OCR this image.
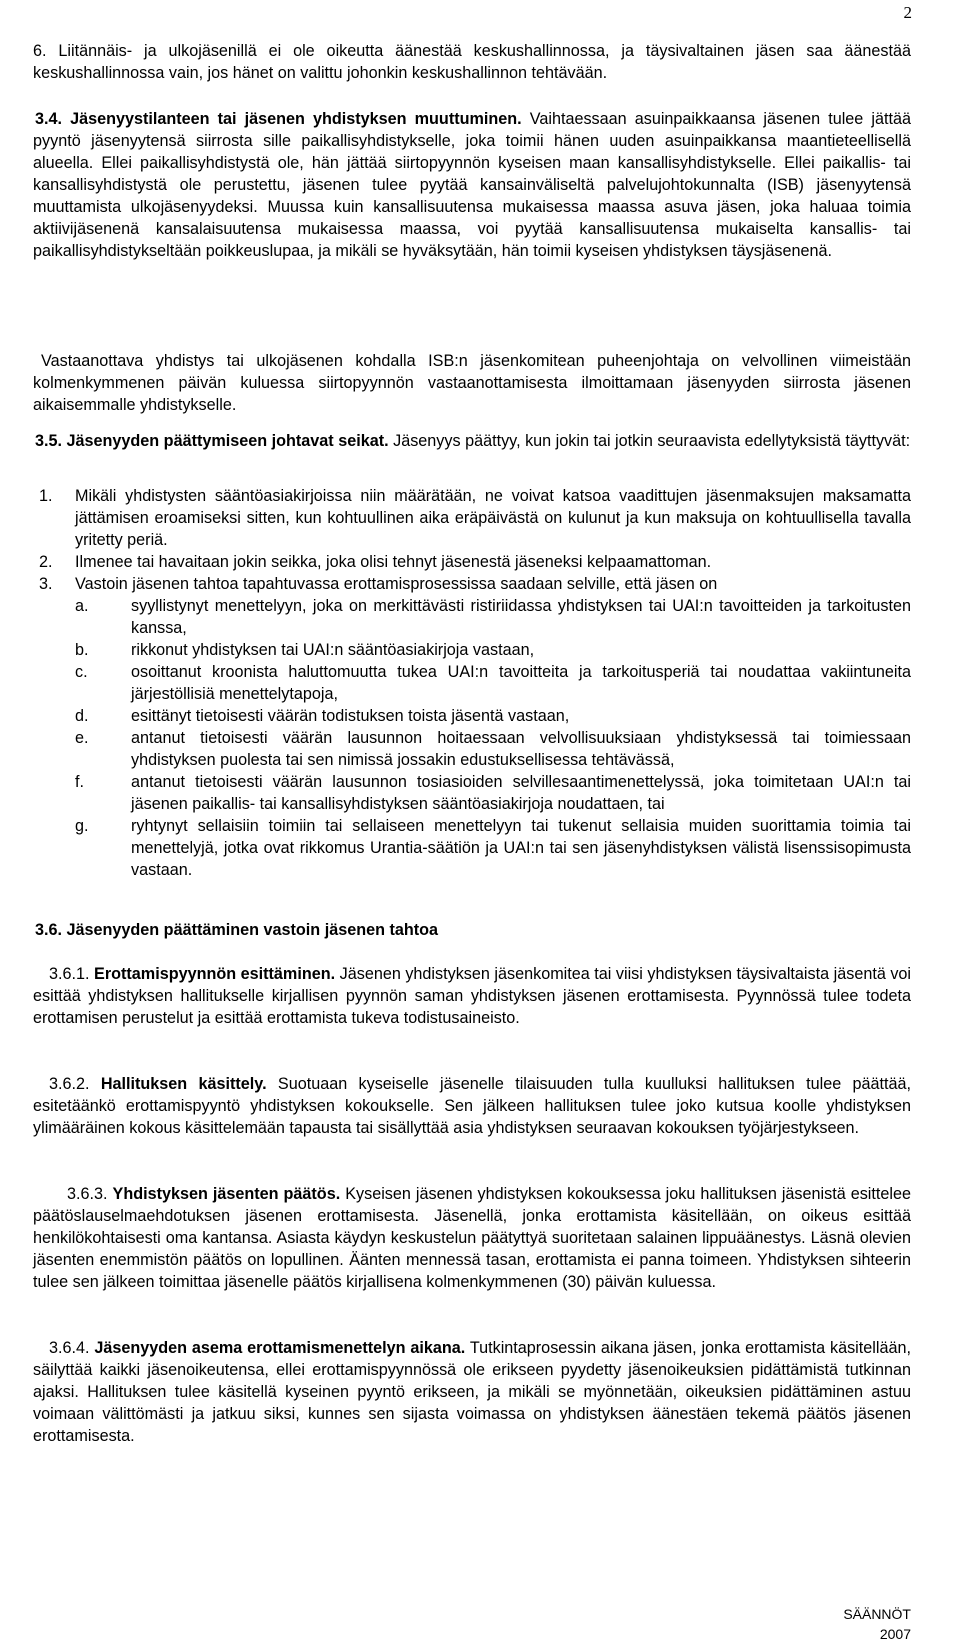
2
6. Liitännäis- ja ulkojäsenillä ei ole oikeutta äänestää keskushallinnossa, ja täysivaltainen jäsen saa äänestää keskushallinnossa vain, jos hänet on valittu johonkin keskushallinnon tehtävään.
3.4. Jäsenyystilanteen tai jäsenen yhdistyksen muuttuminen. Vaihtaessaan asuinpaikkaansa jäsenen tulee jättää pyyntö jäsenyytensä siirrosta sille paikallisyhdistykselle, joka toimii hänen uuden asuinpaikkansa maantieteellisellä alueella. Ellei paikallisyhdistystä ole, hän jättää siirtopyynnön kyseisen maan kansallisyhdistykselle. Ellei paikallis- tai kansallisyhdistystä ole perustettu, jäsenen tulee pyytää kansainväliseltä palvelujohtokunnalta (ISB) jäsenyytensä muuttamista ulkojäsenyydeksi. Muussa kuin kansallisuutensa mukaisessa maassa asuva jäsen, joka haluaa toimia aktiivijäsenenä kansalaisuutensa mukaisessa maassa, voi pyytää kansallisuutensa mukaiselta kansallis- tai paikallisyhdistykseltään poikkeuslupaa, ja mikäli se hyväksytään, hän toimii kyseisen yhdistyksen täysjäsenenä.
Vastaanottava yhdistys tai ulkojäsenen kohdalla ISB:n jäsenkomitean puheenjohtaja on velvollinen viimeistään kolmenkymmenen päivän kuluessa siirtopyynnön vastaanottamisesta ilmoittamaan jäsenyyden siirrosta jäsenen aikaisemmalle yhdistykselle.
3.5. Jäsenyyden päättymiseen johtavat seikat. Jäsenyys päättyy, kun jokin tai jotkin seuraavista edellytyksistä täyttyvät:
1.	Mikäli yhdistysten sääntöasiakirjoissa niin määrätään, ne voivat katsoa vaadittujen jäsenmaksujen maksamatta jättämisen eroamiseksi sitten, kun kohtuullinen aika eräpäivästä on kulunut ja kun maksuja on kohtuullisella tavalla yritetty periä.
2.	Ilmenee tai havaitaan jokin seikka, joka olisi tehnyt jäsenestä jäseneksi kelpaamattoman.
3.	Vastoin jäsenen tahtoa tapahtuvassa erottamisprosessissa saadaan selville, että jäsen on
a.	syyllistynyt menettelyyn, joka on merkittävästi ristiriidassa yhdistyksen tai UAI:n tavoitteiden ja tarkoitusten kanssa,
b.	rikkonut yhdistyksen tai UAI:n sääntöasiakirjoja vastaan,
c.	osoittanut kroonista haluttomuutta tukea UAI:n tavoitteita ja tarkoitusperiä tai noudattaa vakiintuneita järjestöllisiä menettelytapoja,
d.	esittänyt tietoisesti väärän todistuksen toista jäsentä vastaan,
e.	antanut tietoisesti väärän lausunnon hoitaessaan velvollisuuksiaan yhdistyksessä tai toimiessaan yhdistyksen puolesta tai sen nimissä jossakin edustuksellisessa tehtävässä,
f.	antanut tietoisesti väärän lausunnon tosiasioiden selvillesaantimenettelyssä, joka toimitetaan UAI:n tai jäsenen paikallis- tai kansallisyhdistyksen sääntöasiakirjoja noudattaen, tai
g.	ryhtynyt sellaisiin toimiin tai sellaiseen menettelyyn tai tukenut sellaisia muiden suorittamia toimia tai menettelyjä, jotka ovat rikkomus Urantia-säätiön ja UAI:n tai sen jäsenyhdistyksen välistä lisenssisopimusta vastaan.
3.6. Jäsenyyden päättäminen vastoin jäsenen tahtoa
3.6.1. Erottamispyynnön esittäminen. Jäsenen yhdistyksen jäsenkomitea tai viisi yhdistyksen täysivaltaista jäsentä voi esittää yhdistyksen hallitukselle kirjallisen pyynnön saman yhdistyksen jäsenen erottamisesta. Pyynnössä tulee todeta erottamisen perustelut ja esittää erottamista tukeva todistusaineisto.
3.6.2. Hallituksen käsittely. Suotuaan kyseiselle jäsenelle tilaisuuden tulla kuulluksi hallituksen tulee päättää, esitetäänkö erottamispyyntö yhdistyksen kokoukselle. Sen jälkeen hallituksen tulee joko kutsua koolle yhdistyksen ylimääräinen kokous käsittelemään tapausta tai sisällyttää asia yhdistyksen seuraavan kokouksen työjärjestykseen.
3.6.3. Yhdistyksen jäsenten päätös. Kyseisen jäsenen yhdistyksen kokouksessa joku hallituksen jäsenistä esittelee päätöslauselmaehdotuksen jäsenen erottamisesta. Jäsenellä, jonka erottamista käsitellään, on oikeus esittää henkilökohtaisesti oma kantansa. Asiasta käydyn keskustelun päätyttyä suoritetaan salainen lippuäänestys. Läsnä olevien jäsenten enemmistön päätös on lopullinen. Äänten mennessä tasan, erottamista ei panna toimeen. Yhdistyksen sihteerin tulee sen jälkeen toimittaa jäsenelle päätös kirjallisena kolmenkymmenen (30) päivän kuluessa.
3.6.4. Jäsenyyden asema erottamismenettelyn aikana. Tutkintaprosessin aikana jäsen, jonka erottamista käsitellään, säilyttää kaikki jäsenoikeutensa, ellei erottamispyynnössä ole erikseen pyydetty jäsenoikeuksien pidättämistä tutkinnan ajaksi. Hallituksen tulee käsitellä kyseinen pyyntö erikseen, ja mikäli se myönnetään, oikeuksien pidättäminen astuu voimaan välittömästi ja jatkuu siksi, kunnes sen sijasta voimassa on yhdistyksen äänestäen tekemä päätös jäsenen erottamisesta.
SÄÄNNÖT
2007
